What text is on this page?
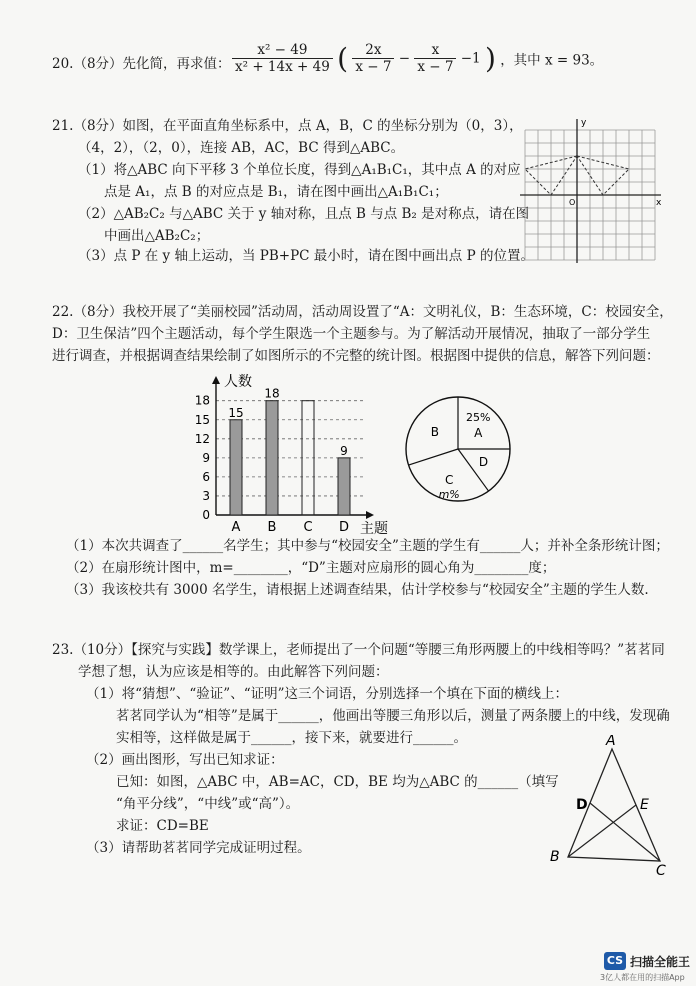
20.（8分）先化简，再求值： $\frac{\text{x² − 49}}{\text{x² + 14x + 49}}$ ( $\frac{2x}{x - 7} - \frac{x}{x - 7} -1$ ) ，其中 x = 93。
21.（8分）如图，在平面直角坐标系中，点 A，B，C 的坐标分别为（0，3），
（4，2），（2，0），连接 AB，AC，BC 得到△ABC。
（1）将△ABC 向下平移 3 个单位长度，得到△A₁B₁C₁，其中点 A 的对应
点是 A₁，点 B 的对应点是 B₁，请在图中画出△A₁B₁C₁；
（2）△AB₂C₂ 与△ABC 关于 y 轴对称，且点 B 与点 B₂ 是对称点，请在图
中画出△AB₂C₂；
（3）点 P 在 y 轴上运动，当 PB+PC 最小时，请在图中画出点 P 的位置。
y
x
O
22.（8分）我校开展了“美丽校园”活动周，活动周设置了“A：文明礼仪，B：生态环境，C：校园安全，
D：卫生保洁”四个主题活动，每个学生限选一个主题参与。为了解活动开展情况，抽取了一部分学生
进行调查，并根据调查结果绘制了如图所示的不完整的统计图。根据图中提供的信息，解答下列问题：
人数
主题
0
3
6
9
12
15
18
15
A
18
B C
9
D
A
25%
D
C
m%
B
（1）本次共调查了______名学生；其中参与“校园安全”主题的学生有______人；并补全条形统计图；
（2）在扇形统计图中，m=________，“D”主题对应扇形的圆心角为________度；
（3）我该校共有 3000 名学生，请根据上述调查结果，估计学校参与“校园安全”主题的学生人数.
23.（10分）【探究与实践】数学课上，老师提出了一个问题“等腰三角形两腰上的中线相等吗？”茗茗同
学想了想，认为应该是相等的。由此解答下列问题：
（1）将“猜想”、“验证”、“证明”这三个词语，分别选择一个填在下面的横线上：
茗茗同学认为“相等”是属于______，他画出等腰三角形以后，测量了两条腰上的中线，发现确
实相等，这样做是属于______，接下来，就要进行______。
（2）画出图形，写出已知求证：
已知：如图，△ABC 中，AB=AC，CD，BE 均为△ABC 的______（填写
“角平分线”，“中线”或“高”）。
求证：CD=BE
（3）请帮助茗茗同学完成证明过程。
A
B
C
D	E
CS 扫描全能王
3亿人都在用的扫描App
